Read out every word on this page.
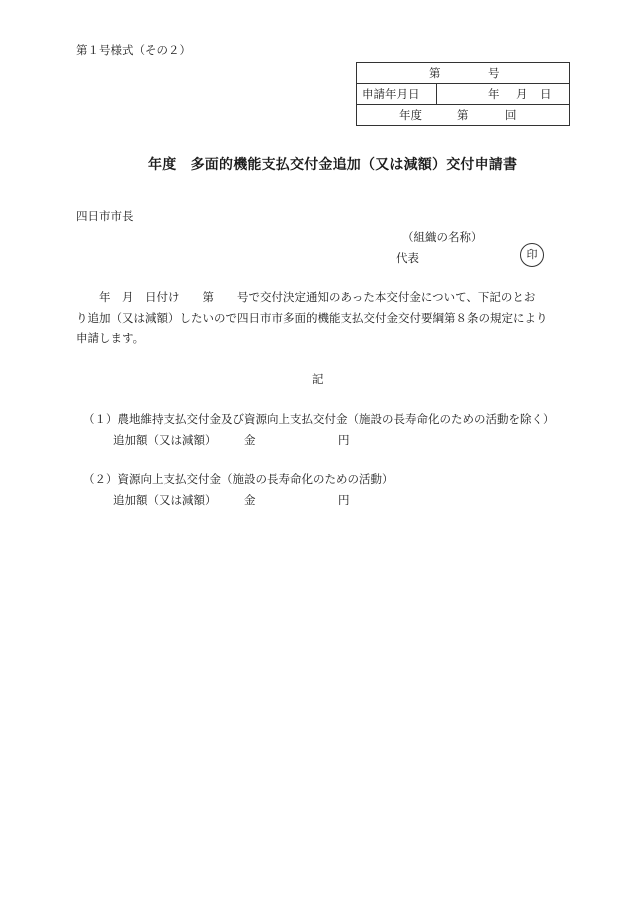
第１号様式（その２）
第	号
申請年月日	年 月 日
年度	第	回
年度　多面的機能支払交付金追加（又は減額）交付申請書
四日市市長
（組織の名称）
代表	印
　　年　月　日付け　　第　　号で交付決定通知のあった本交付金について、下記のとお
り追加（又は減額）したいので四日市市多面的機能支払交付金交付要綱第８条の規定により
申請します。
記
（１）農地維持支払交付金及び資源向上支払交付金（施設の長寿命化のための活動を除く）
追加額（又は減額） 金	円
（２）資源向上支払交付金（施設の長寿命化のための活動）
追加額（又は減額） 金	円
